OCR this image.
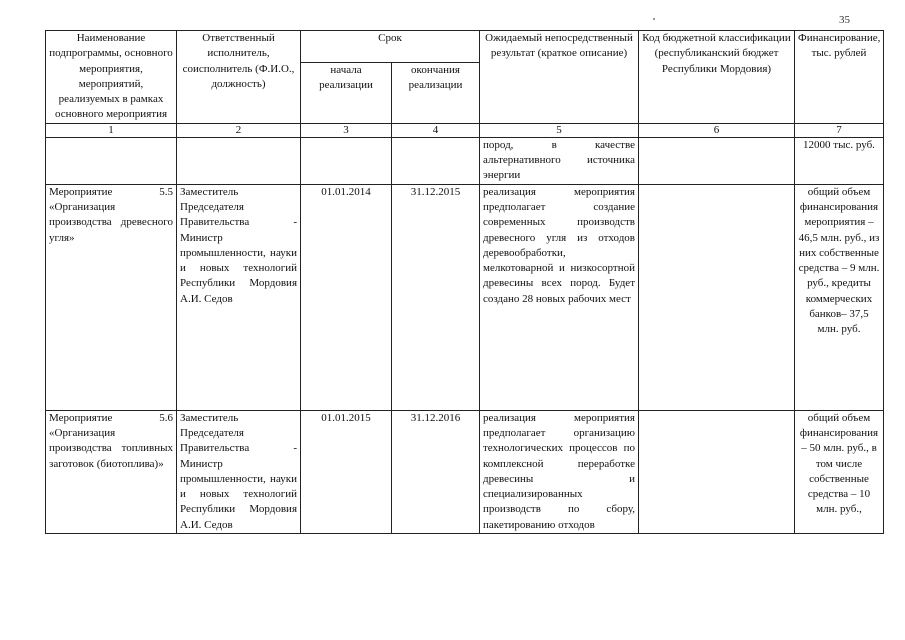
35
Наименование подпрограммы, основного мероприятия, мероприятий, реализуемых в рамках основного мероприятия	Ответственный исполнитель, соисполнитель (Ф.И.О., должность)	Срок		Ожидаемый непосредственный результат (краткое описание)	Код бюджетной классификации (республиканский бюджет Республики Мордовия)	Финансирование, тыс. рублей
		начала реализации	окончания реализации			
1	2	3	4	5	6	7
				пород, в качестве альтернативного источника энергии		12000 тыс. руб.
Мероприятие 5.5 «Организация производства древесного угля»	Заместитель Председателя Правительства - Министр промышленности, науки и новых технологий Республики Мордовия А.И. Седов	01.01.2014	31.12.2015	реализация мероприятия предполагает создание современных производств древесного угля из отходов деревообработки, мелкотоварной и низкосортной древесины всех пород. Будет создано 28 новых рабочих мест		общий объем финансирования мероприятия – 46,5 млн. руб., из них собственные средства – 9 млн. руб., кредиты коммерческих банков– 37,5 млн. руб.
Мероприятие 5.6 «Организация производства топливных заготовок (биотоплива)»	Заместитель Председателя Правительства - Министр промышленности, науки и новых технологий Республики Мордовия А.И. Седов	01.01.2015	31.12.2016	реализация мероприятия предполагает организацию технологических процессов по комплексной переработке древесины и специализированных производств по сбору, пакетированию отходов		общий объем финансирования – 50 млн. руб., в том числе собственные средства – 10 млн. руб.,
